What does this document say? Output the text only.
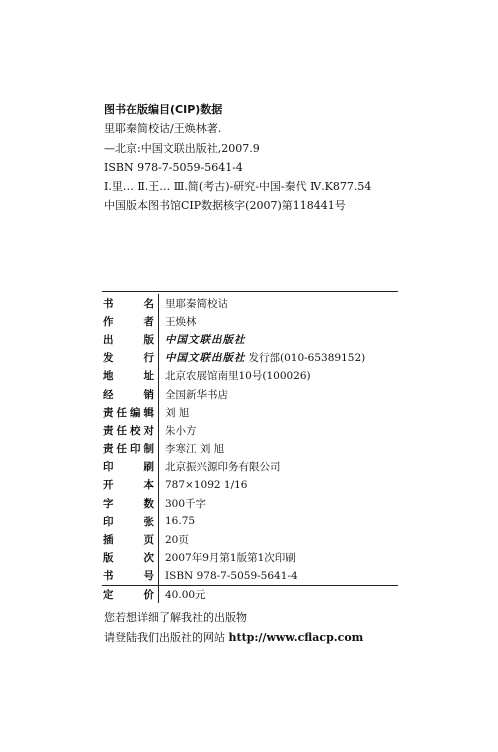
图书在版编目(CIP)数据
里耶秦简校诂/王焕林著.
—北京:中国文联出版社,2007.9
ISBN 978-7-5059-5641-4
Ⅰ.里… Ⅱ.王… Ⅲ.简(考古)-研究-中国-秦代 Ⅳ.K877.54
中国版本图书馆CIP数据核字(2007)第118441号
书名	里耶秦简校诂
作者	王焕林
出版	中国文联出版社
发行	中国文联出版社 发行部(010-65389152)
地址	北京农展馆南里10号(100026)
经销	全国新华书店
责任编辑	刘 旭
责任校对	朱小方
责任印制	李寒江 刘 旭
印刷	北京振兴源印务有限公司
开本	787×1092 1/16
字数	300千字
印张	16.75
插页	20页
版次	2007年9月第1版第1次印刷
书号	ISBN 978-7-5059-5641-4
定价	40.00元
您若想详细了解我社的出版物
请登陆我们出版社的网站 http://www.cflacp.com
